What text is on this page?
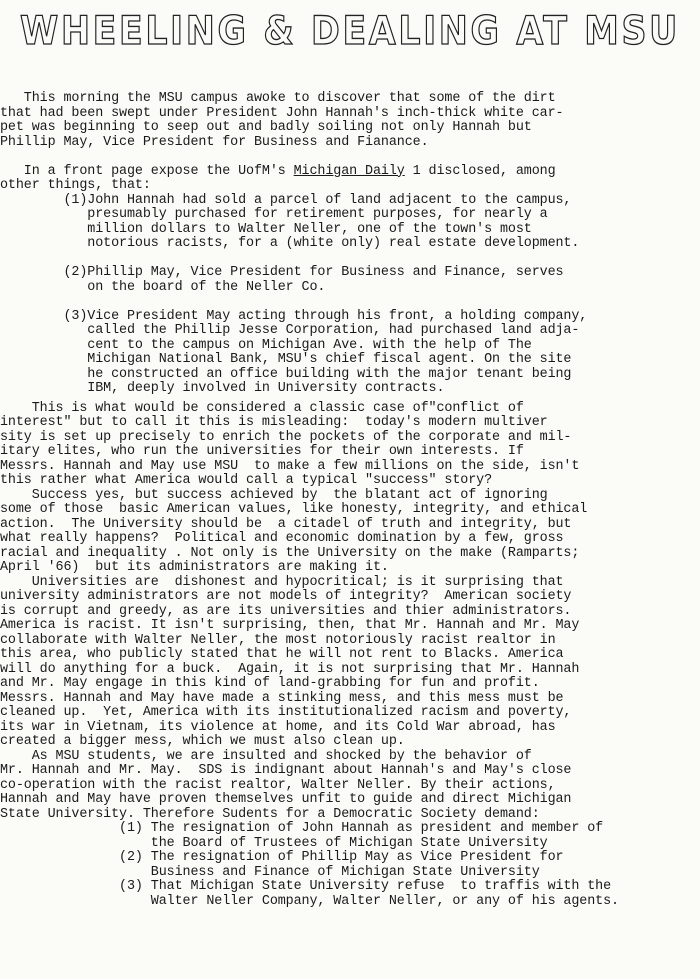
WHEELING & DEALING AT MSU
This morning the MSU campus awoke to discover that some of the dirt
that had been swept under President John Hannah's inch-thick white car-
pet was beginning to seep out and badly soiling not only Hannah but
Phillip May, Vice President for Business and Fianance.
In a front page expose the UofM's Michigan Daily 1 disclosed, among
other things, that:
(1)John Hannah had sold a parcel of land adjacent to the campus,
presumably purchased for retirement purposes, for nearly a
million dollars to Walter Neller, one of the town's most
notorious racists, for a (white only) real estate development.
(2)Phillip May, Vice President for Business and Finance, serves
on the board of the Neller Co.
(3)Vice President May acting through his front, a holding company,
called the Phillip Jesse Corporation, had purchased land adja-
cent to the campus on Michigan Ave. with the help of The
Michigan National Bank, MSU's chief fiscal agent. On the site
he constructed an office building with the major tenant being
IBM, deeply involved in University contracts.
This is what would be considered a classic case of"conflict of
interest" but to call it this is misleading:  today's modern multiver
sity is set up precisely to enrich the pockets of the corporate and mil-
itary elites, who run the universities for their own interests. If
Messrs. Hannah and May use MSU  to make a few millions on the side, isn't
this rather what America would call a typical "success" story?
Success yes, but success achieved by  the blatant act of ignoring
some of those  basic American values, like honesty, integrity, and ethical
action.  The University should be  a citadel of truth and integrity, but
what really happens?  Political and economic domination by a few, gross
racial and inequality . Not only is the University on the make (Ramparts;
April '66)  but its administrators are making it.
Universities are  dishonest and hypocritical; is it surprising that
university administrators are not models of integrity?  American society
is corrupt and greedy, as are its universities and thier administrators.
America is racist. It isn't surprising, then, that Mr. Hannah and Mr. May
collaborate with Walter Neller, the most notoriously racist realtor in
this area, who publicly stated that he will not rent to Blacks. America
will do anything for a buck.  Again, it is not surprising that Mr. Hannah
and Mr. May engage in this kind of land-grabbing for fun and profit.
Messrs. Hannah and May have made a stinking mess, and this mess must be
cleaned up.  Yet, America with its institutionalized racism and poverty,
its war in Vietnam, its violence at home, and its Cold War abroad, has
created a bigger mess, which we must also clean up.
As MSU students, we are insulted and shocked by the behavior of
Mr. Hannah and Mr. May.  SDS is indignant about Hannah's and May's close
co-operation with the racist realtor, Walter Neller. By their actions,
Hannah and May have proven themselves unfit to guide and direct Michigan
State University. Therefore Sudents for a Democratic Society demand:
(1) The resignation of John Hannah as president and member of
the Board of Trustees of Michigan State University
(2) The resignation of Phillip May as Vice President for
Business and Finance of Michigan State University
(3) That Michigan State University refuse  to traffis with the
Walter Neller Company, Walter Neller, or any of his agents.
